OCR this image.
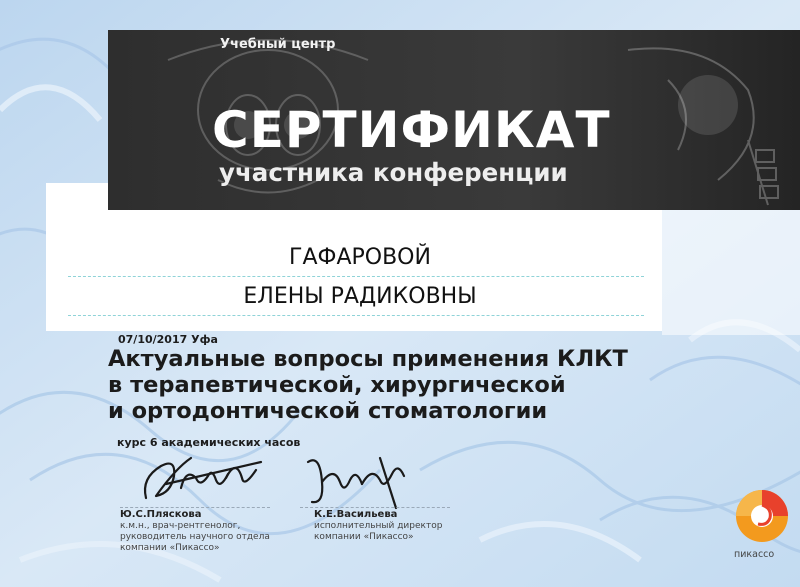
Учебный центр
СЕРТИФИКАТ
участника конференции
ГАФАРОВОЙ
ЕЛЕНЫ РАДИКОВНЫ
07/10/2017 Уфа
Актуальные вопросы применения КЛКТ
в терапевтической, хирургической
и ортодонтической стоматологии
курс 6 академических часов
Ю.С.Пляскова
к.м.н., врач-рентгенолог,
руководитель научного отдела
компании «Пикассо»
К.Е.Васильева
исполнительный директор
компании «Пикассо»
пикассо
